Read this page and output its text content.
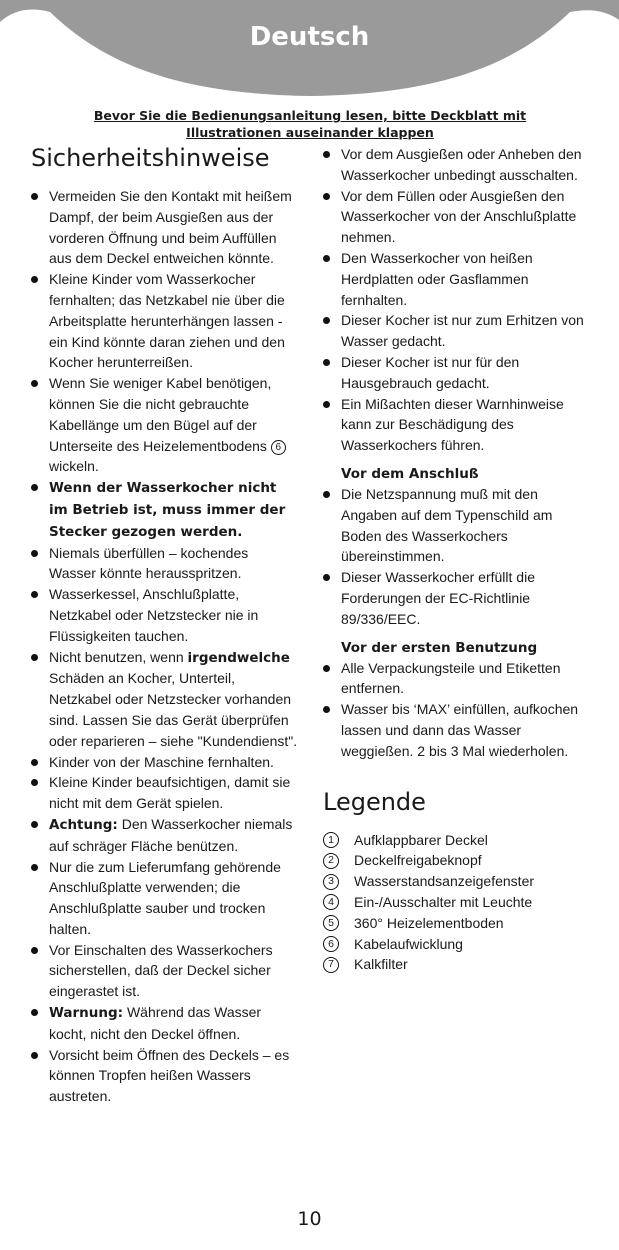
Deutsch
Bevor Sie die Bedienungsanleitung lesen, bitte Deckblatt mit
Illustrationen auseinander klappen
Sicherheitshinweise
Vermeiden Sie den Kontakt mit heißem Dampf, der beim Ausgießen aus der vorderen Öffnung und beim Auffüllen aus dem Deckel entweichen könnte.
Kleine Kinder vom Wasserkocher fernhalten; das Netzkabel nie über die Arbeitsplatte herunterhängen lassen - ein Kind könnte daran ziehen und den Kocher herunterreißen.
Wenn Sie weniger Kabel benötigen, können Sie die nicht gebrauchte Kabellänge um den Bügel auf der Unterseite des Heizelementbodens 6 wickeln.
Wenn der Wasserkocher nicht im Betrieb ist, muss immer der Stecker gezogen werden.
Niemals überfüllen – kochendes Wasser könnte herausspritzen.
Wasserkessel, Anschlußplatte, Netzkabel oder Netzstecker nie in Flüssigkeiten tauchen.
Nicht benutzen, wenn irgendwelche Schäden an Kocher, Unterteil, Netzkabel oder Netzstecker vorhanden sind. Lassen Sie das Gerät überprüfen oder reparieren – siehe "Kundendienst".
Kinder von der Maschine fernhalten.
Kleine Kinder beaufsichtigen, damit sie nicht mit dem Gerät spielen.
Achtung: Den Wasserkocher niemals auf schräger Fläche benützen.
Nur die zum Lieferumfang gehörende Anschlußplatte verwenden; die Anschlußplatte sauber und trocken halten.
Vor Einschalten des Wasserkochers sicherstellen, daß der Deckel sicher eingerastet ist.
Warnung: Während das Wasser kocht, nicht den Deckel öffnen.
Vorsicht beim Öffnen des Deckels – es können Tropfen heißen Wassers austreten.
Vor dem Ausgießen oder Anheben den Wasserkocher unbedingt ausschalten.
Vor dem Füllen oder Ausgießen den Wasserkocher von der Anschlußplatte nehmen.
Den Wasserkocher von heißen Herdplatten oder Gasflammen fernhalten.
Dieser Kocher ist nur zum Erhitzen von Wasser gedacht.
Dieser Kocher ist nur für den Hausgebrauch gedacht.
Ein Mißachten dieser Warnhinweise kann zur Beschädigung des Wasserkochers führen.
Vor dem Anschluß
Die Netzspannung muß mit den Angaben auf dem Typenschild am Boden des Wasserkochers übereinstimmen.
Dieser Wasserkocher erfüllt die Forderungen der EC-Richtlinie 89/336/EEC.
Vor der ersten Benutzung
Alle Verpackungsteile und Etiketten entfernen.
Wasser bis ‘MAX’ einfüllen, aufkochen lassen und dann das Wasser weggießen. 2 bis 3 Mal wiederholen.
Legende
1	Aufklappbarer Deckel
2	Deckelfreigabeknopf
3	Wasserstandsanzeigefenster
4	Ein-/Ausschalter mit Leuchte
5	360° Heizelementboden
6	Kabelaufwicklung
7	Kalkfilter
10
